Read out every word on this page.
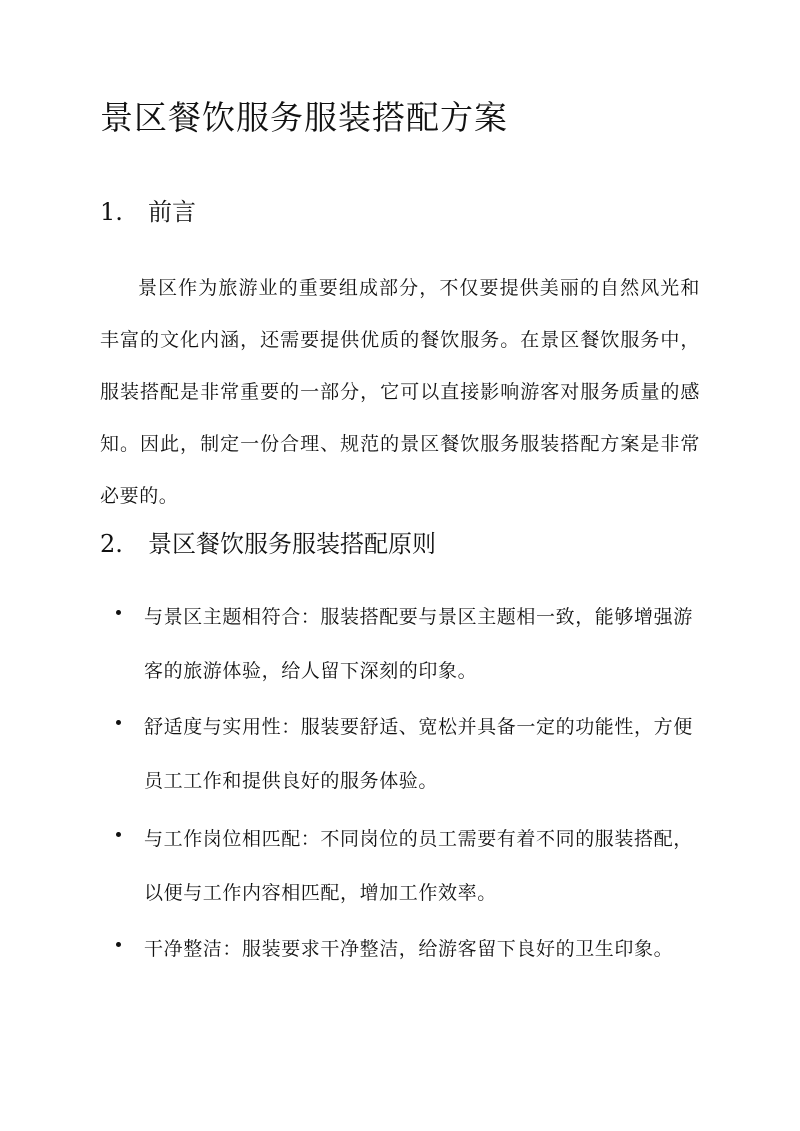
景区餐饮服务服装搭配方案
1. 前言

景区作为旅游业的重要组成部分，不仅要提供美丽的自然风光和丰富的文化内涵，还需要提供优质的餐饮服务。在景区餐饮服务中，服装搭配是非常重要的一部分，它可以直接影响游客对服务质量的感知。因此，制定一份合理、规范的景区餐饮服务服装搭配方案是非常必要的。

2. 景区餐饮服务服装搭配原则

与景区主题相符合：服装搭配要与景区主题相一致，能够增强游客的旅游体验，给人留下深刻的印象。

舒适度与实用性：服装要舒适、宽松并具备一定的功能性，方便员工工作和提供良好的服务体验。

与工作岗位相匹配：不同岗位的员工需要有着不同的服装搭配，以便与工作内容相匹配，增加工作效率。

干净整洁：服装要求干净整洁，给游客留下良好的卫生印象。
